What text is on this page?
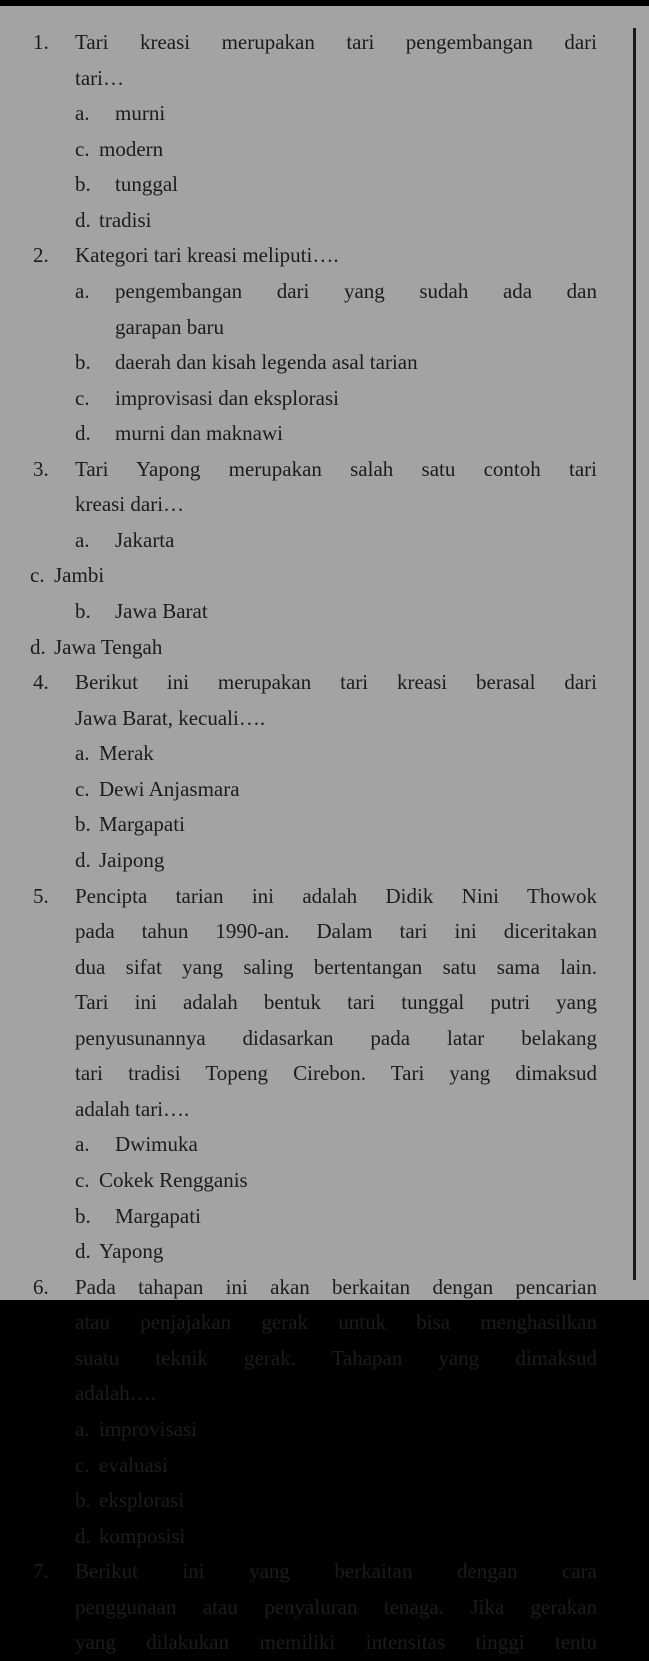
1. Tari kreasi merupakan tari pengembangan dari
tari…
a. murni
c. modern
b. tunggal
d. tradisi
2. Kategori tari kreasi meliputi….
a.	pengembangan dari yang sudah ada dan
garapan baru
b. daerah dan kisah legenda asal tarian
c. improvisasi dan eksplorasi
d. murni dan maknawi
3. Tari Yapong merupakan salah satu contoh tari
kreasi dari…
a. Jakarta
c. Jambi
b. Jawa Barat
d. Jawa Tengah
4. Berikut ini merupakan tari kreasi berasal dari
Jawa Barat, kecuali….
a. Merak
c. Dewi Anjasmara
b. Margapati
d. Jaipong
5. Pencipta tarian ini adalah Didik Nini Thowok
pada tahun 1990-an. Dalam tari ini diceritakan
dua sifat yang saling bertentangan satu sama lain.
Tari ini adalah bentuk tari tunggal putri yang
penyusunannya didasarkan pada latar belakang
tari tradisi Topeng Cirebon. Tari yang dimaksud
adalah tari….
a. Dwimuka
c. Cokek Rengganis
b. Margapati
d. Yapong
6. Pada tahapan ini akan berkaitan dengan pencarian
atau penjajakan gerak untuk bisa menghasilkan
suatu teknik gerak. Tahapan yang dimaksud
adalah….
a. improvisasi
c. evaluasi
b. eksplorasi
d. komposisi
7. Berikut ini yang berkaitan dengan cara
penggunaan atau penyaluran tenaga. Jika gerakan
yang dilakukan memiliki intensitas tinggi tentu
